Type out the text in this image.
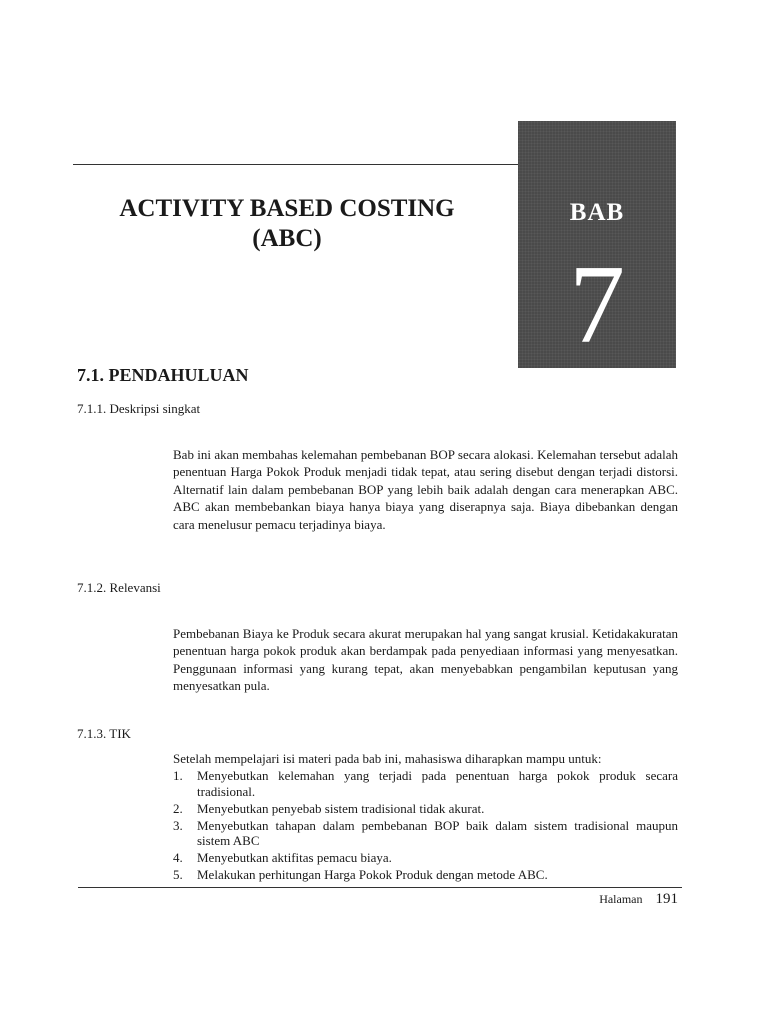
BAB
7
ACTIVITY BASED COSTING
(ABC)
7.1. PENDAHULUAN
7.1.1. Deskripsi singkat

Bab ini akan membahas kelemahan pembebanan BOP secara alokasi. Kelemahan tersebut adalah penentuan Harga Pokok Produk menjadi tidak tepat, atau sering disebut dengan terjadi distorsi. Alternatif lain dalam pembebanan BOP yang lebih baik adalah dengan cara menerapkan ABC. ABC akan membebankan biaya hanya biaya yang diserapnya saja. Biaya dibebankan dengan cara menelusur pemacu terjadinya biaya.

7.1.2. Relevansi

Pembebanan Biaya ke Produk secara akurat merupakan hal yang sangat krusial. Ketidakakuratan penentuan harga pokok produk akan berdampak pada penyediaan informasi yang menyesatkan. Penggunaan informasi yang kurang tepat, akan menyebabkan pengambilan keputusan yang menyesatkan pula.

7.1.3. TIK
Setelah mempelajari isi materi pada bab ini, mahasiswa diharapkan mampu untuk:
1. Menyebutkan kelemahan yang terjadi pada penentuan harga pokok produk secara tradisional.
2. Menyebutkan penyebab sistem tradisional tidak akurat.
3. Menyebutkan tahapan dalam pembebanan BOP baik dalam sistem tradisional maupun sistem ABC
4. Menyebutkan aktifitas pemacu biaya.
5. Melakukan perhitungan Harga Pokok Produk dengan metode ABC.
Halaman 191
